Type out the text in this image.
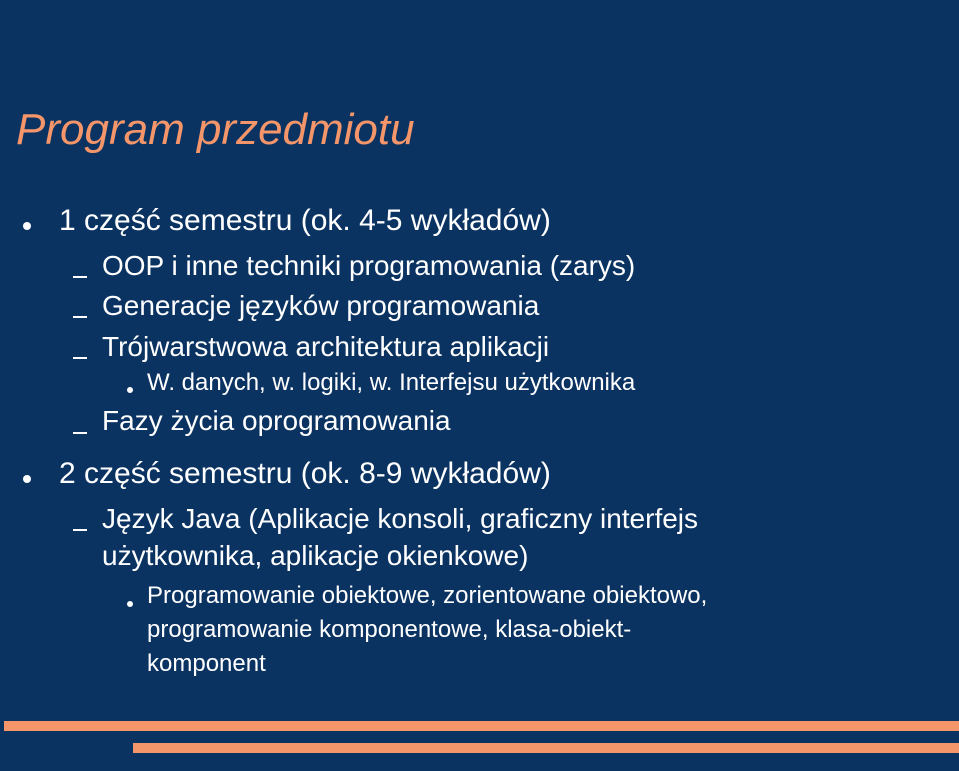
Program przedmiotu
1 część semestru (ok. 4-5 wykładów)
OOP i inne techniki programowania (zarys)
Generacje języków programowania
Trójwarstwowa architektura aplikacji
W. danych, w. logiki, w. Interfejsu użytkownika
Fazy życia oprogramowania
2 część semestru (ok. 8-9 wykładów)
Język Java (Aplikacje konsoli, graficzny interfejs
użytkownika, aplikacje okienkowe)
Programowanie obiektowe, zorientowane obiektowo,
programowanie komponentowe, klasa-obiekt-
komponent
